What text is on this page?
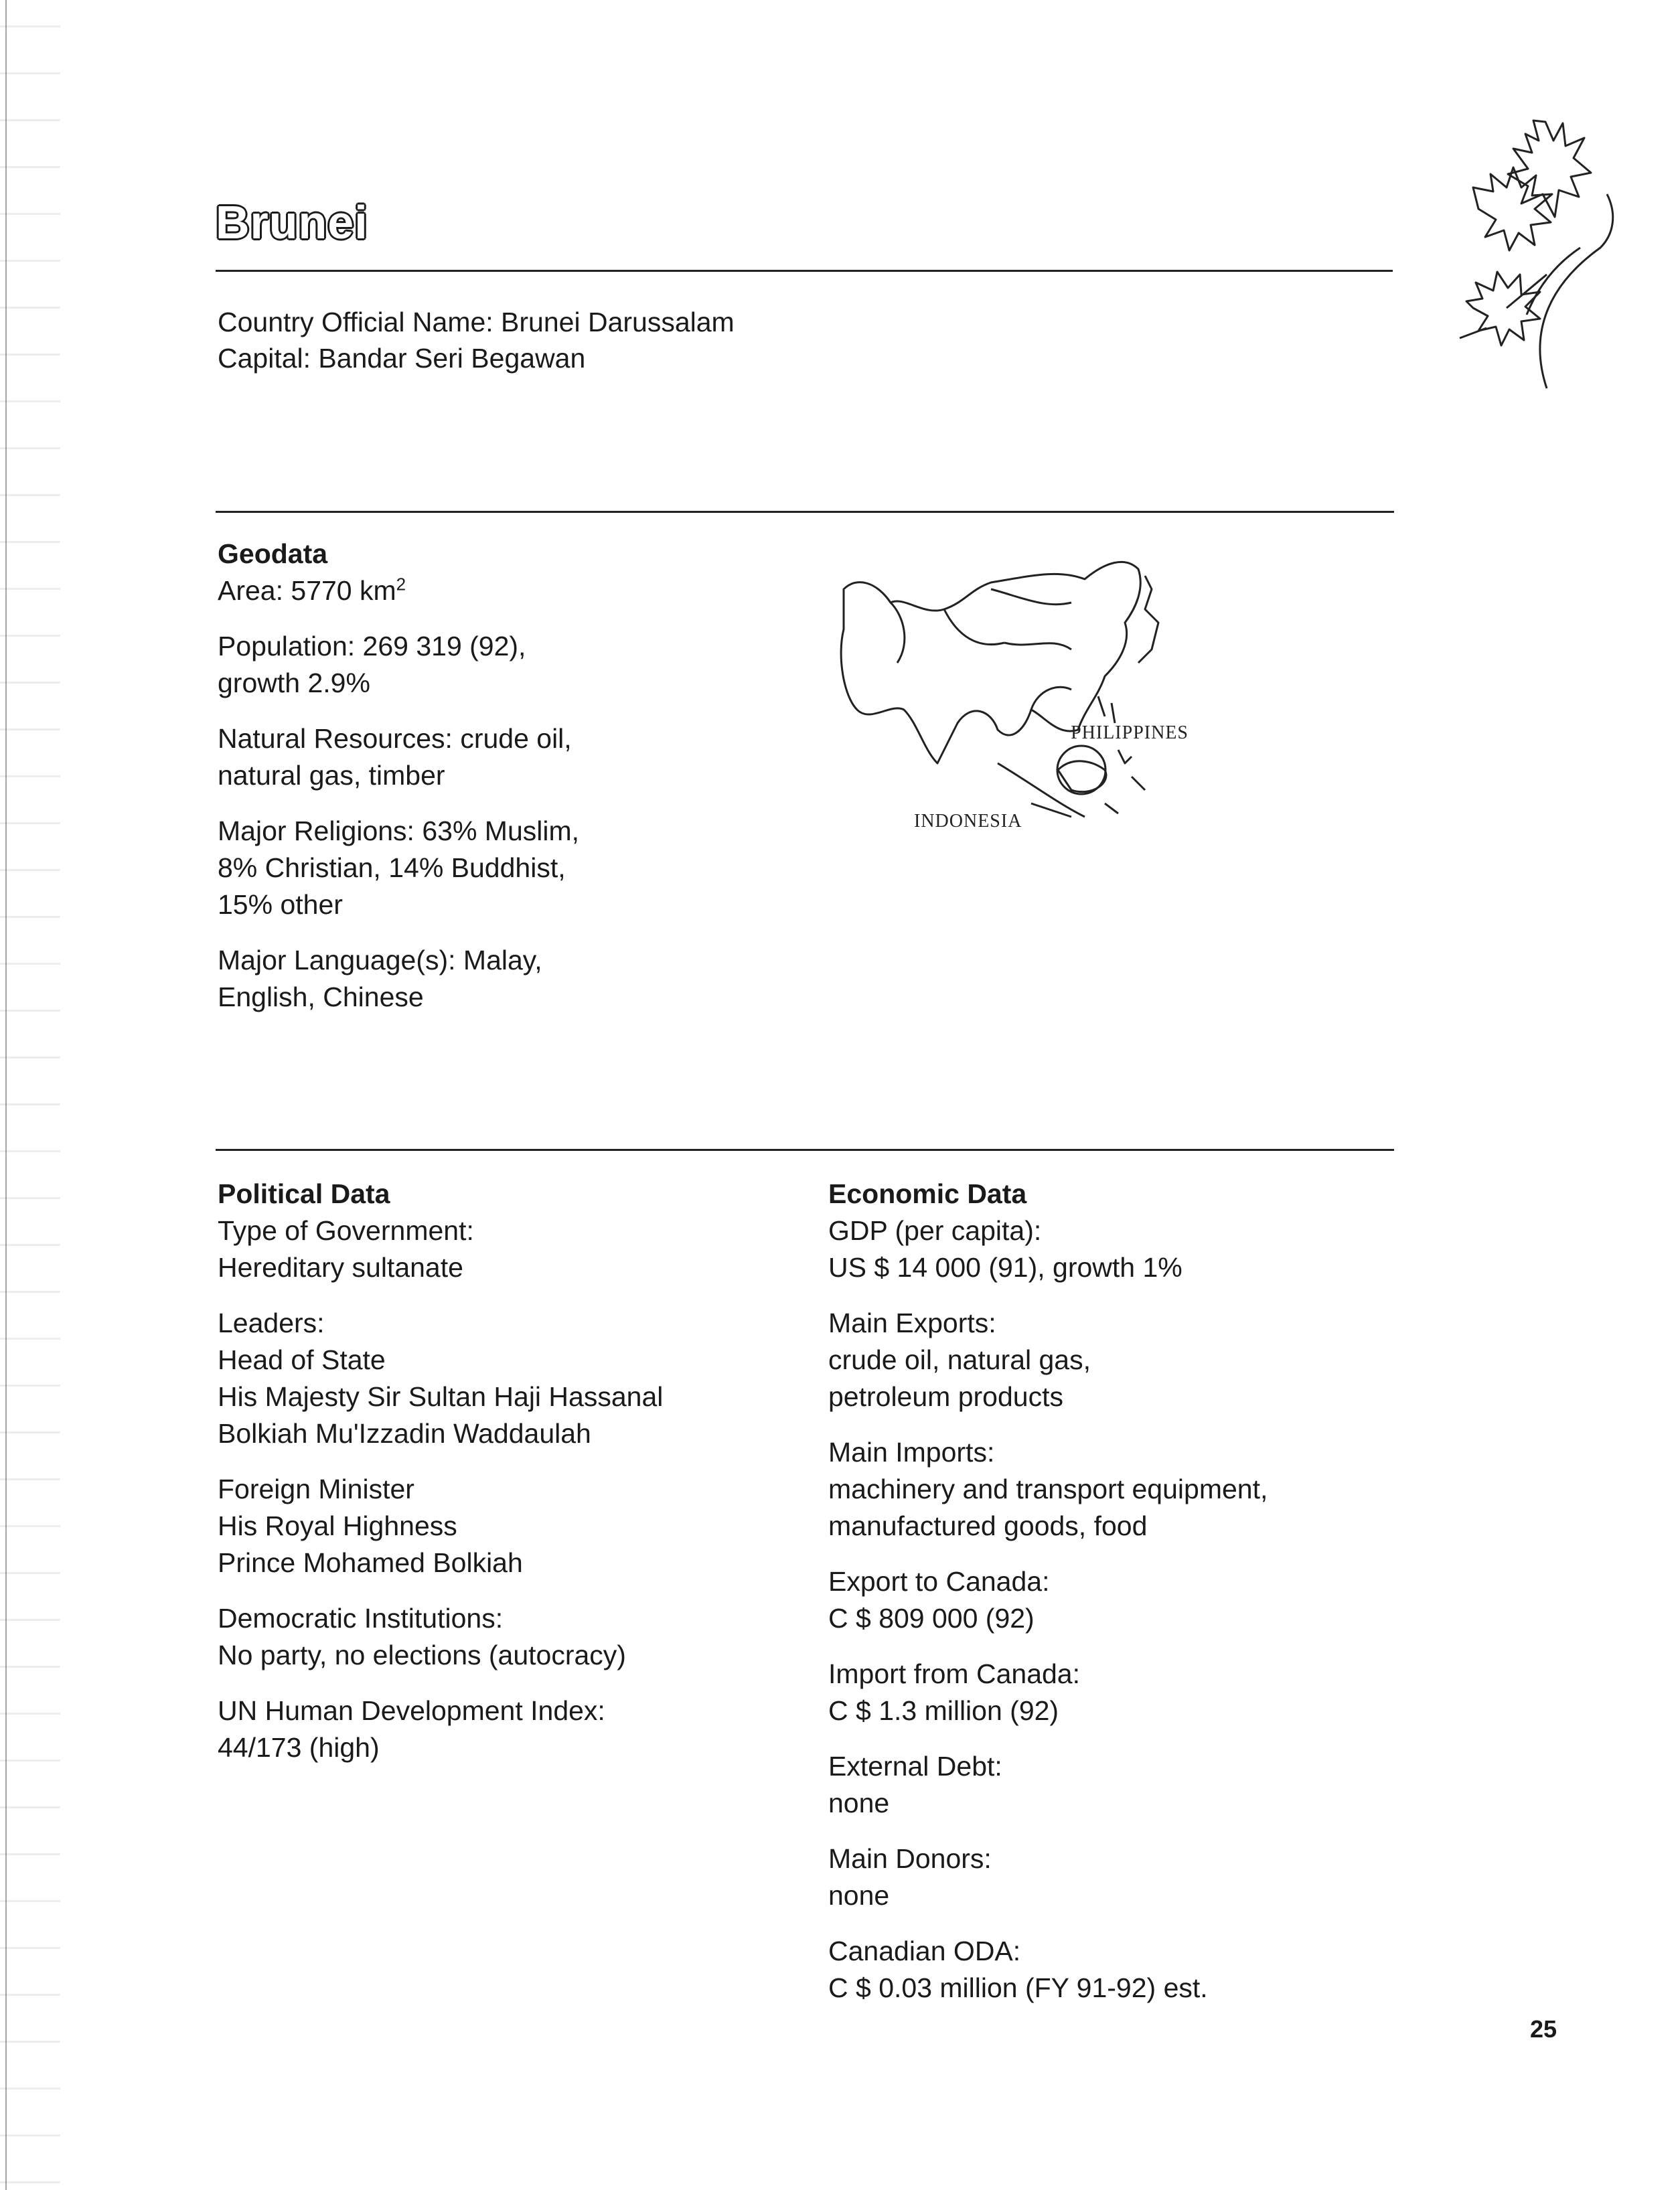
Brunei
Country Official Name: Brunei Darussalam
Capital: Bandar Seri Begawan
Geodata
Area: 5770 $km^2$
Population: 269 319 (92),
growth 2.9%
Natural Resources: crude oil,
natural gas, timber
Major Religions: 63% Muslim,
8% Christian, 14% Buddhist,
15% other
Major Language(s): Malay,
English, Chinese
PHILIPPINES
INDONESIA
Political Data
Type of Government:
Hereditary sultanate
Leaders:
Head of State
His Majesty Sir Sultan Haji Hassanal
Bolkiah Mu'Izzadin Waddaulah
Foreign Minister
His Royal Highness
Prince Mohamed Bolkiah
Democratic Institutions:
No party, no elections (autocracy)
UN Human Development Index:
44/173 (high)
Economic Data
GDP (per capita):
US $ 14 000 (91), growth 1%
Main Exports:
crude oil, natural gas,
petroleum products
Main Imports:
machinery and transport equipment,
manufactured goods, food
Export to Canada:
C $ 809 000 (92)
Import from Canada:
C $ 1.3 million (92)
External Debt:
none
Main Donors:
none
Canadian ODA:
C $ 0.03 million (FY 91-92) est.
25
